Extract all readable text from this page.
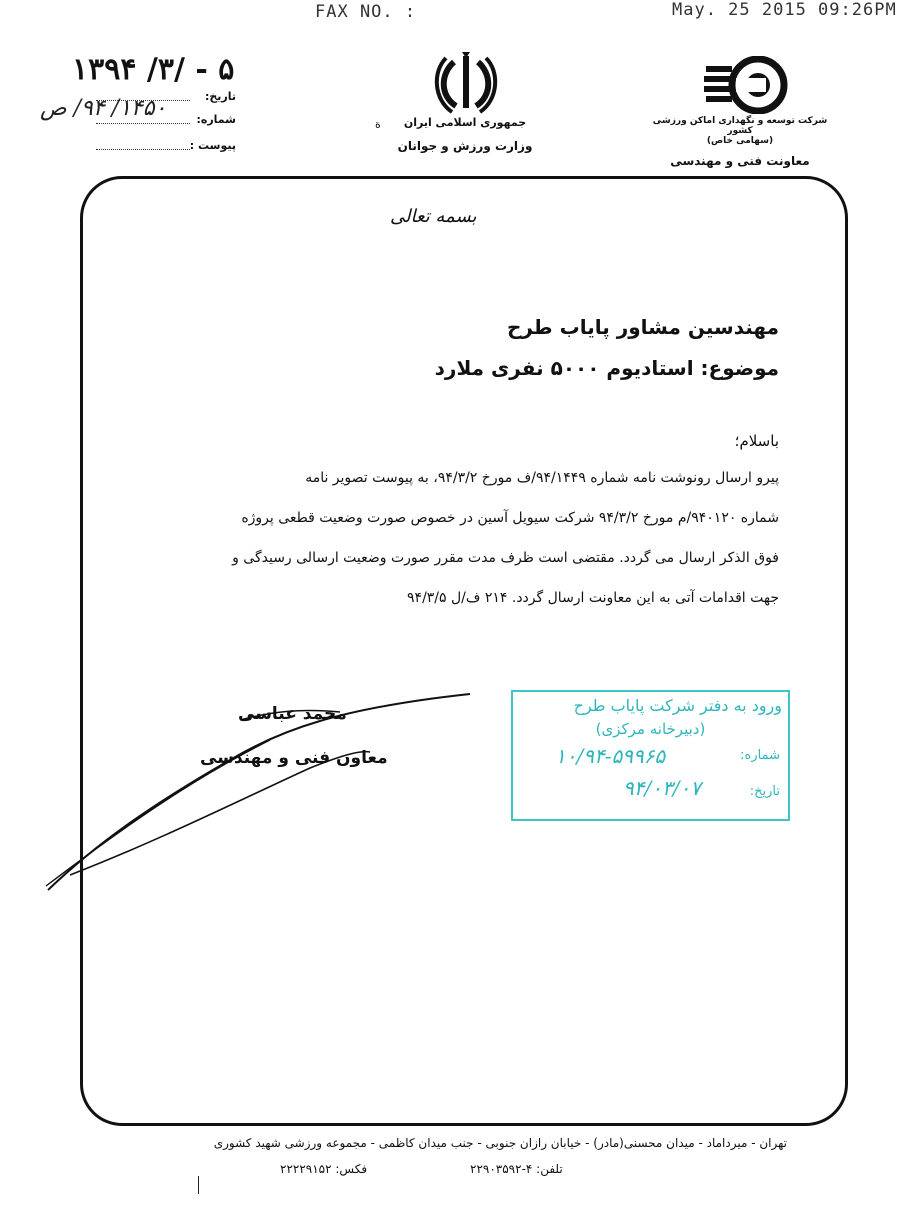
FAX NO. :	May. 25 2015 09:26PM
۱۳۹۴ /۳/ - ۵
تاریخ:
شماره:
۱۴۵۰/ ۹۴/ ص
پیوست :
ة	جمهوری اسلامی ایران
وزارت ورزش و جوانان
شرکت توسعه و نگهداری اماکن ورزشی کشور
(سهامی خاص)
معاونت فنی و مهندسی
بسمه تعالی
مهندسین مشاور پایاب طرح
موضوع: استادیوم ۵۰۰۰ نفری ملارد
باسلام؛
پیرو ارسال رونوشت نامه شماره ۹۴/۱۴۴۹/ف مورخ ۹۴/۳/۲، به پیوست تصویر نامه
شماره ۹۴۰۱۲۰/م مورخ ۹۴/۳/۲ شرکت سیویل آسین در خصوص صورت وضعیت قطعی پروژه
فوق الذکر ارسال می گردد. مقتضی است ظرف مدت مقرر صورت وضعیت ارسالی رسیدگی و
جهت اقدامات آتی به این معاونت ارسال گردد. ۲۱۴ ف/ل ۹۴/۳/۵
ورود به دفتر شرکت پایاب طرح
(دبیرخانه مرکزی)
شماره:
۱۰/۹۴-۵۹۹۶۵
تاریخ:
۹۴/۰۳/۰۷
محمد عباسی
معاون فنی و مهندسی
تهران - میرداماد - میدان محسنی(مادر) - خیابان رازان جنوبی - جنب میدان کاظمی - مجموعه ورزشی شهید کشوری
تلفن: ۴-۲۲۹۰۳۵۹۲
فکس: ۲۲۲۲۹۱۵۲
